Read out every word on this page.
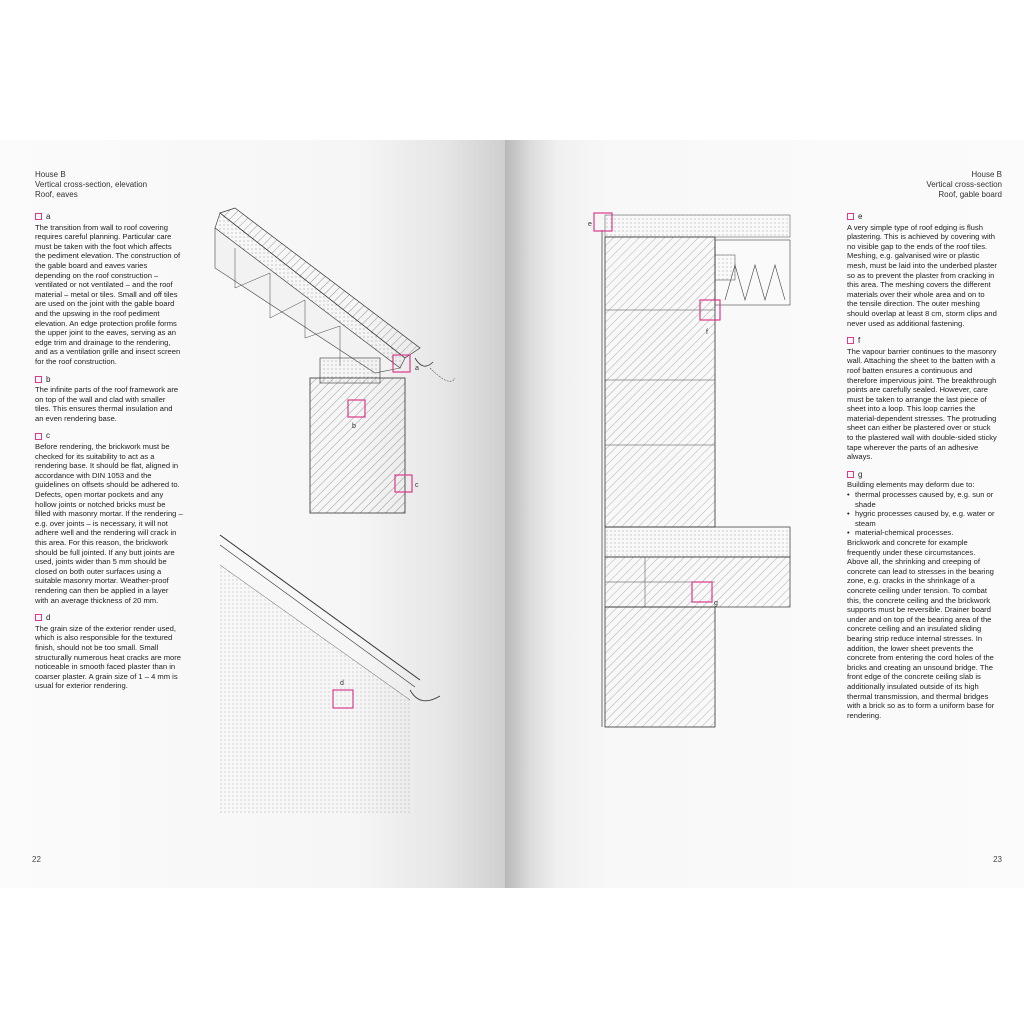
House B
Vertical cross-section, elevation
Roof, eaves
a

The transition from wall to roof covering requires careful planning. Particular care must be taken with the foot which affects the pediment elevation. The construction of the gable board and eaves varies depending on the roof construction – ventilated or not ventilated – and the roof material – metal or tiles. Small and off tiles are used on the joint with the gable board and the upswing in the roof pediment elevation. An edge protection profile forms the upper joint to the eaves, serving as an edge trim and drainage to the rendering, and as a ventilation grille and insect screen for the roof construction.

b

The infinite parts of the roof framework are on top of the wall and clad with smaller tiles. This ensures thermal insulation and an even rendering base.

c

Before rendering, the brickwork must be checked for its suitability to act as a rendering base. It should be flat, aligned in accordance with DIN 1053 and the guidelines on offsets should be adhered to. Defects, open mortar pockets and any hollow joints or notched bricks must be filled with masonry mortar. If the rendering – e.g. over joints – is necessary, it will not adhere well and the rendering will crack in this area. For this reason, the brickwork should be full jointed. If any butt joints are used, joints wider than 5 mm should be closed on both outer surfaces using a suitable masonry mortar. Weather-proof rendering can then be applied in a layer with an average thickness of 20 mm.

d

The grain size of the exterior render used, which is also responsible for the textured finish, should not be too small. Small structurally numerous heat cracks are more noticeable in smooth faced plaster than in coarser plaster. A grain size of 1 – 4 mm is usual for exterior rendering.

a
b
c
d
22
House B
Vertical cross-section
Roof, gable board
e
f
g
e

A very simple type of roof edging is flush plastering. This is achieved by covering with no visible gap to the ends of the roof tiles. Meshing, e.g. galvanised wire or plastic mesh, must be laid into the underbed plaster so as to prevent the plaster from cracking in this area. The meshing covers the different materials over their whole area and on to the tensile direction. The outer meshing should overlap at least 8 cm, storm clips and never used as additional fastening.

f

The vapour barrier continues to the masonry wall. Attaching the sheet to the batten with a roof batten ensures a continuous and therefore impervious joint. The breakthrough points are carefully sealed. However, care must be taken to arrange the last piece of sheet into a loop. This loop carries the material-dependent stresses. The protruding sheet can either be plastered over or stuck to the plastered wall with double-sided sticky tape wherever the parts of an adhesive always.

g
Building elements may deform due to:
• thermal processes caused by, e.g. sun or shade
• hygric processes caused by, e.g. water or steam
• material-chemical processes.

Brickwork and concrete for example frequently under these circumstances. Above all, the shrinking and creeping of concrete can lead to stresses in the bearing zone, e.g. cracks in the shrinkage of a concrete ceiling under tension. To combat this, the concrete ceiling and the brickwork supports must be reversible. Drainer board under and on top of the bearing area of the concrete ceiling and an insulated sliding bearing strip reduce internal stresses. In addition, the lower sheet prevents the concrete from entering the cord holes of the bricks and creating an unsound bridge. The front edge of the concrete ceiling slab is additionally insulated outside of its high thermal transmission, and thermal bridges with a brick so as to form a uniform base for rendering.

23
